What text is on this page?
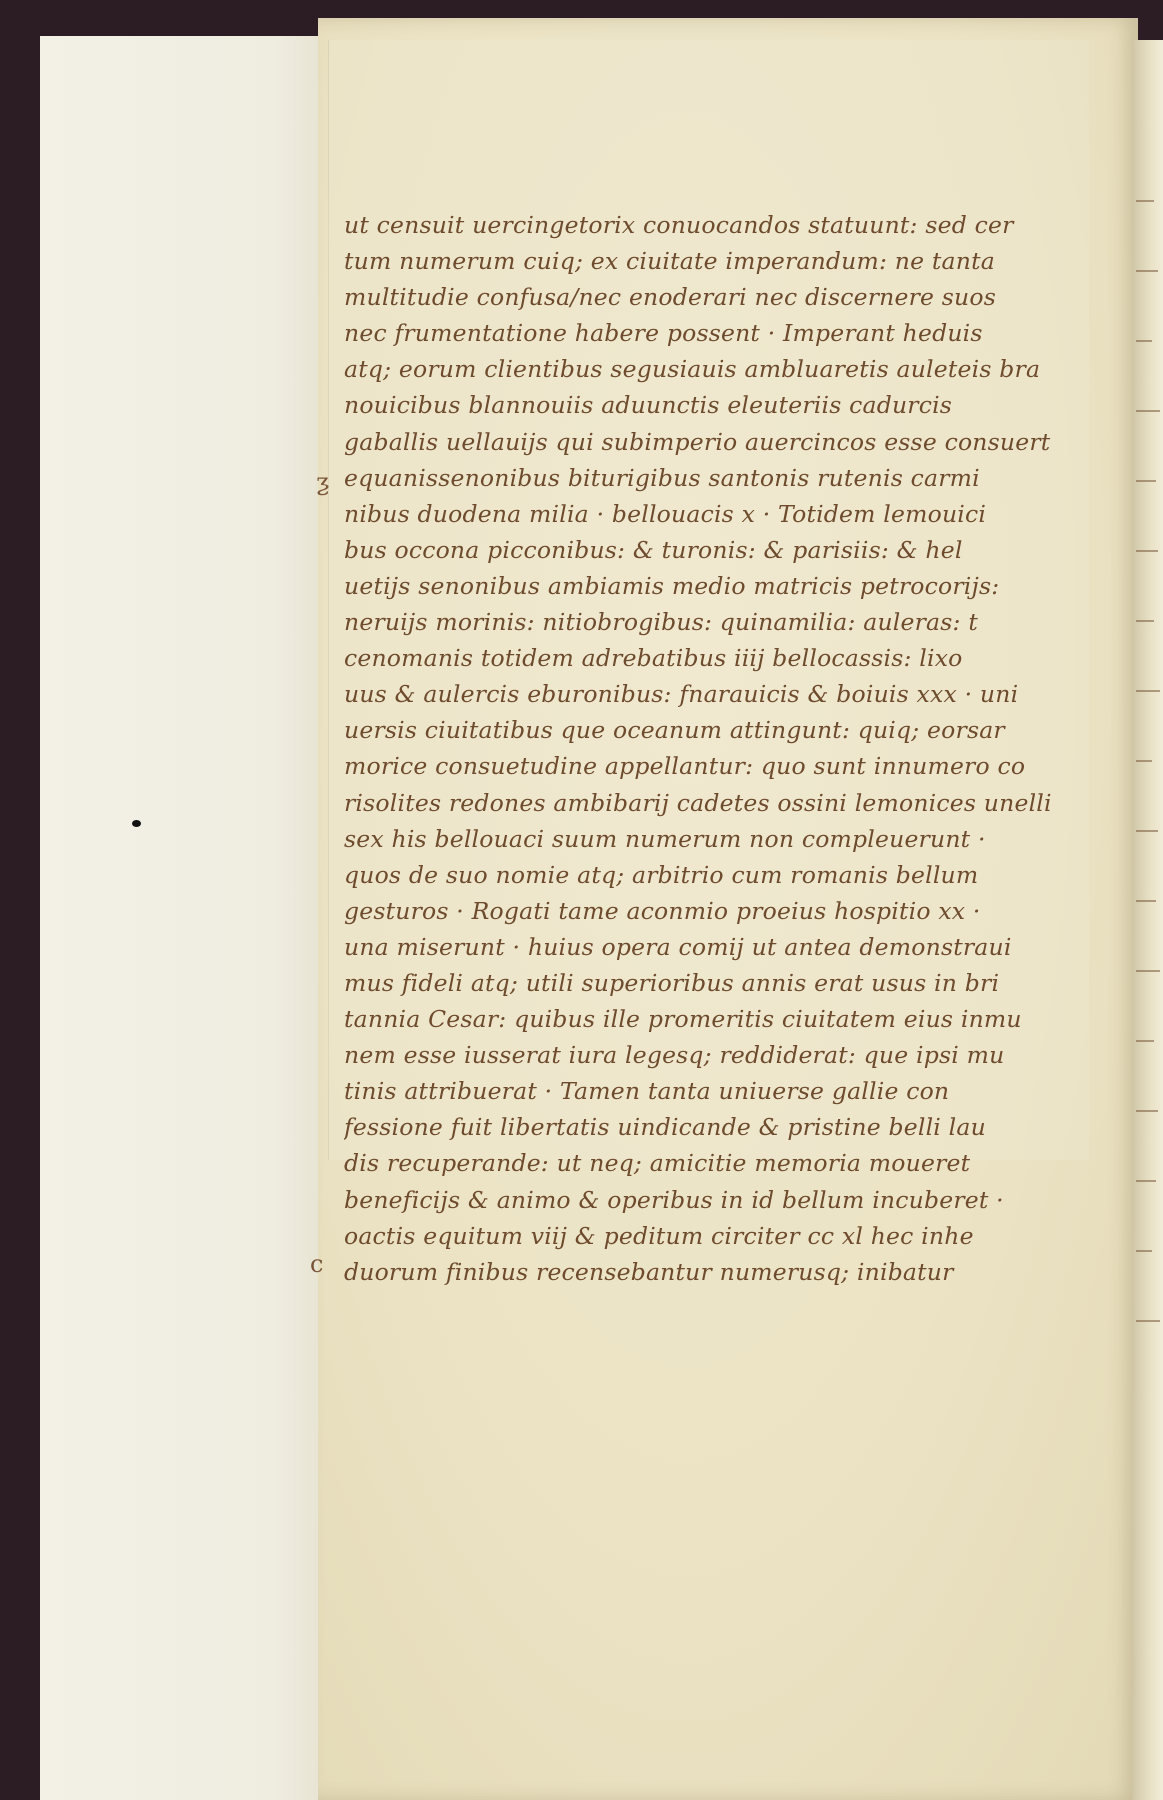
ƺ
c
ut censuit uercingetorix conuocandos statuunt: sed cer
tum numerum cuiq; ex ciuitate imperandum: ne tanta
multitudie confusa/nec enoderari nec discernere suos
nec frumentatione habere possent · Imperant heduis
atq; eorum clientibus segusiauis ambluaretis auleteis bra
nouicibus blannouiis aduunctis eleuteriis cadurcis
gaballis uellauijs qui subimperio auercincos esse consuert
equanissenonibus biturigibus santonis rutenis carmi
nibus duodena milia · bellouacis x · Totidem lemouici
bus occona picconibus: & turonis: & parisiis: & hel
uetijs senonibus ambiamis medio matricis petrocorijs:
neruijs morinis: nitiobrogibus: quinamilia: auleras: t
cenomanis totidem adrebatibus iiij bellocassis: lixo
uus & aulercis eburonibus: fnarauicis & boiuis xxx · uni
uersis ciuitatibus que oceanum attingunt: quiq; eorsar
morice consuetudine appellantur: quo sunt innumero co
risolites redones ambibarij cadetes ossini lemonices unelli
sex his bellouaci suum numerum non compleuerunt ·
quos de suo nomie atq; arbitrio cum romanis bellum
gesturos · Rogati tame aconmio proeius hospitio xx ·
una miserunt · huius opera comij ut antea demonstraui
mus fideli atq; utili superioribus annis erat usus in bri
tannia Cesar: quibus ille promeritis ciuitatem eius inmu
nem esse iusserat iura legesq; reddiderat: que ipsi mu
tinis attribuerat · Tamen tanta uniuerse gallie con
fessione fuit libertatis uindicande & pristine belli lau
dis recuperande: ut neq; amicitie memoria moueret
beneficijs & animo & operibus in id bellum incuberet ·
oactis equitum viij & peditum circiter cc xl hec inhe
duorum finibus recensebantur numerusq; inibatur
